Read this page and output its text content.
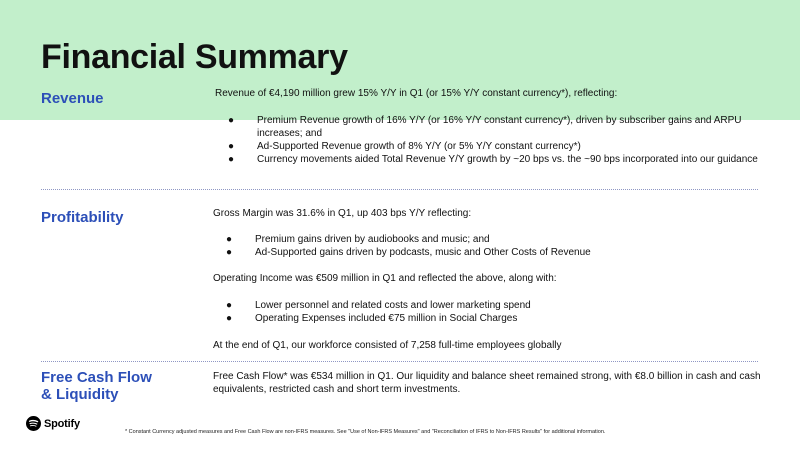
Financial Summary
Revenue	Revenue of €4,190 million grew 15% Y/Y in Q1 (or 15% Y/Y constant currency*), reflecting:

● Premium Revenue growth of 16% Y/Y (or 16% Y/Y constant currency*), driven by subscriber gains and ARPU increases; and
● Ad-Supported Revenue growth of 8% Y/Y (or 5% Y/Y constant currency*)
● Currency movements aided Total Revenue Y/Y growth by ~20 bps vs. the ~90 bps incorporated into our guidance
Profitability	Gross Margin was 31.6% in Q1, up 403 bps Y/Y reflecting:

● Premium gains driven by audiobooks and music; and
● Ad-Supported gains driven by podcasts, music and Other Costs of Revenue

Operating Income was €509 million in Q1 and reflected the above, along with:

● Lower personnel and related costs and lower marketing spend
● Operating Expenses included €75 million in Social Charges

At the end of Q1, our workforce consisted of 7,258 full-time employees globally

Free Cash Flow
& Liquidity

Free Cash Flow* was €534 million in Q1. Our liquidity and balance sheet remained strong, with €8.0 billion in cash and cash equivalents, restricted cash and short term investments.

Spotify
* Constant Currency adjusted measures and Free Cash Flow are non-IFRS measures. See "Use of Non-IFRS Measures" and "Reconciliation of IFRS to Non-IFRS Results" for additional information.
